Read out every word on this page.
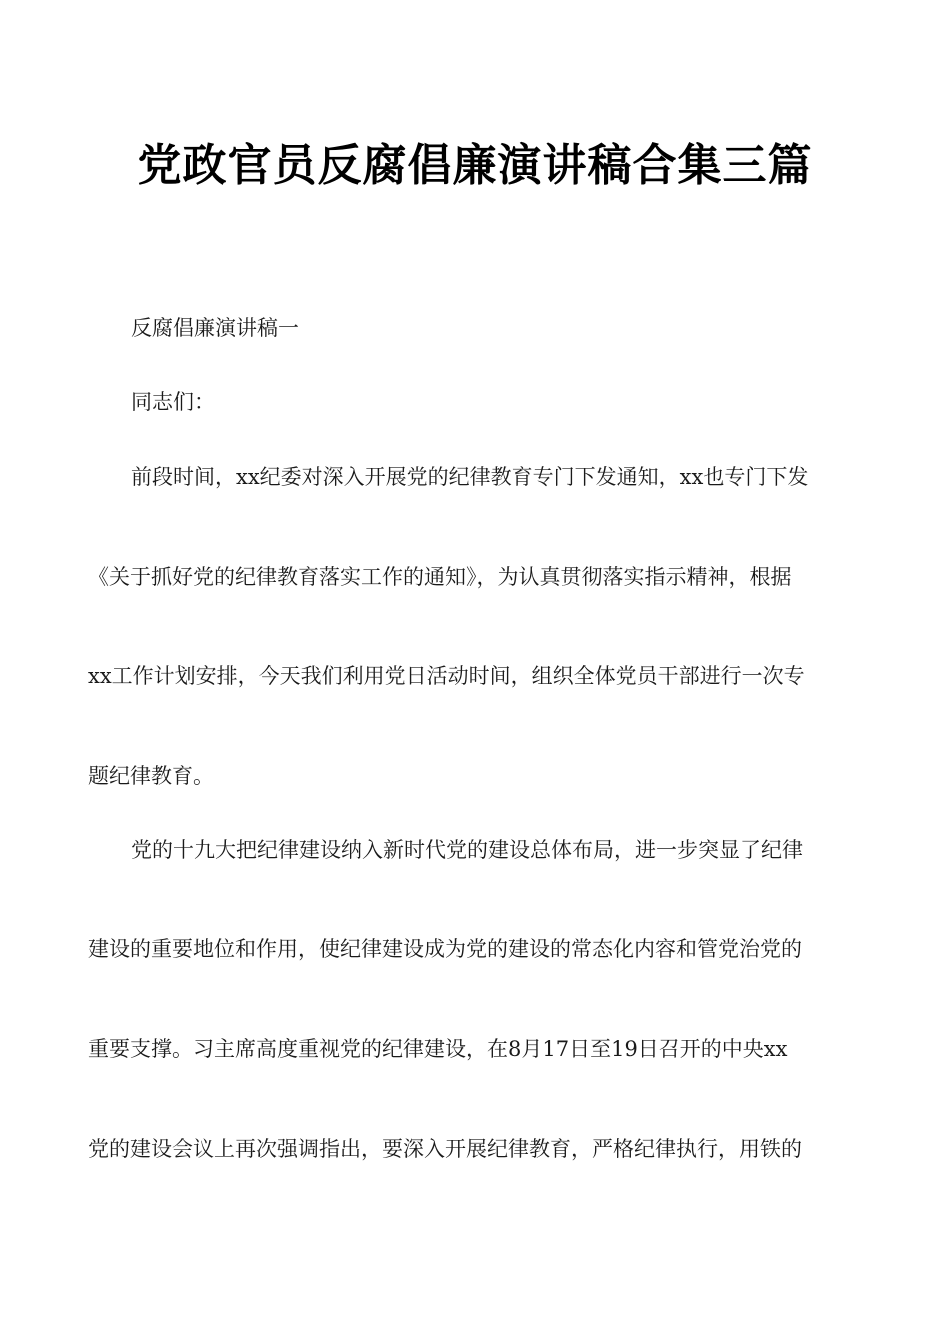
党政官员反腐倡廉演讲稿合集三篇
反腐倡廉演讲稿一
同志们：
前段时间，xx纪委对深入开展党的纪律教育专门下发通知，xx也专门下发
《关于抓好党的纪律教育落实工作的通知》，为认真贯彻落实指示精神，根据
xx工作计划安排，今天我们利用党日活动时间，组织全体党员干部进行一次专
题纪律教育。
党的十九大把纪律建设纳入新时代党的建设总体布局，进一步突显了纪律
建设的重要地位和作用，使纪律建设成为党的建设的常态化内容和管党治党的
重要支撑。习主席高度重视党的纪律建设，在8月17日至19日召开的中央xx
党的建设会议上再次强调指出，要深入开展纪律教育，严格纪律执行，用铁的
